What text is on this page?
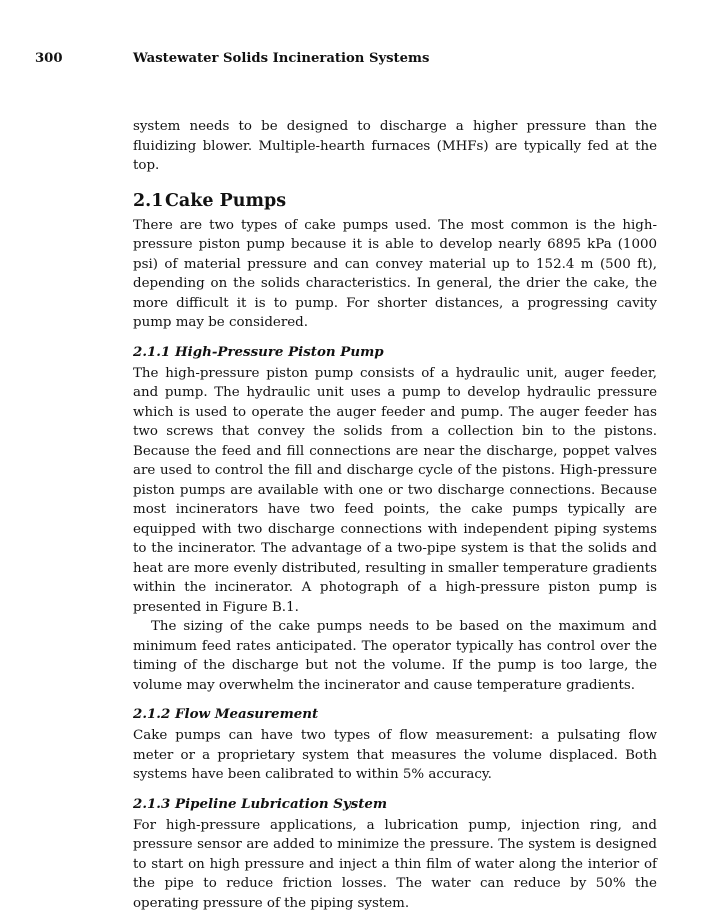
300	Wastewater Solids Incineration Systems

system needs to be designed to discharge a higher pressure than the fluidizing blower. Multiple-hearth furnaces (MHFs) are typically fed at the top.

2.1Cake Pumps

There are two types of cake pumps used. The most common is the high-pressure piston pump because it is able to develop nearly 6895 kPa (1000 psi) of material pressure and can convey material up to 152.4 m (500 ft), depending on the solids characteristics. In general, the drier the cake, the more difficult it is to pump. For shorter distances, a progressing cavity pump may be considered.

2.1.1 High-Pressure Piston Pump

The high-pressure piston pump consists of a hydraulic unit, auger feeder, and pump. The hydraulic unit uses a pump to develop hydraulic pressure which is used to operate the auger feeder and pump. The auger feeder has two screws that convey the solids from a collection bin to the pistons. Because the feed and fill connections are near the discharge, poppet valves are used to control the fill and discharge cycle of the pistons. High-pressure piston pumps are available with one or two discharge connections. Because most incinerators have two feed points, the cake pumps typically are equipped with two discharge connections with independent piping systems to the incinerator. The advantage of a two-pipe system is that the solids and heat are more evenly distributed, resulting in smaller temperature gradients within the incinerator. A photograph of a high-pressure piston pump is presented in Figure B.1.

The sizing of the cake pumps needs to be based on the maximum and minimum feed rates anticipated. The operator typically has control over the timing of the discharge but not the volume. If the pump is too large, the volume may overwhelm the incinerator and cause temperature gradients.

2.1.2 Flow Measurement

Cake pumps can have two types of flow measurement: a pulsating flow meter or a proprietary system that measures the volume displaced. Both systems have been calibrated to within 5% accuracy.

2.1.3 Pipeline Lubrication System

For high-pressure applications, a lubrication pump, injection ring, and pressure sensor are added to minimize the pressure. The system is designed to start on high pressure and inject a thin film of water along the interior of the pipe to reduce friction losses. The water can reduce by 50% the operating pressure of the piping system.
